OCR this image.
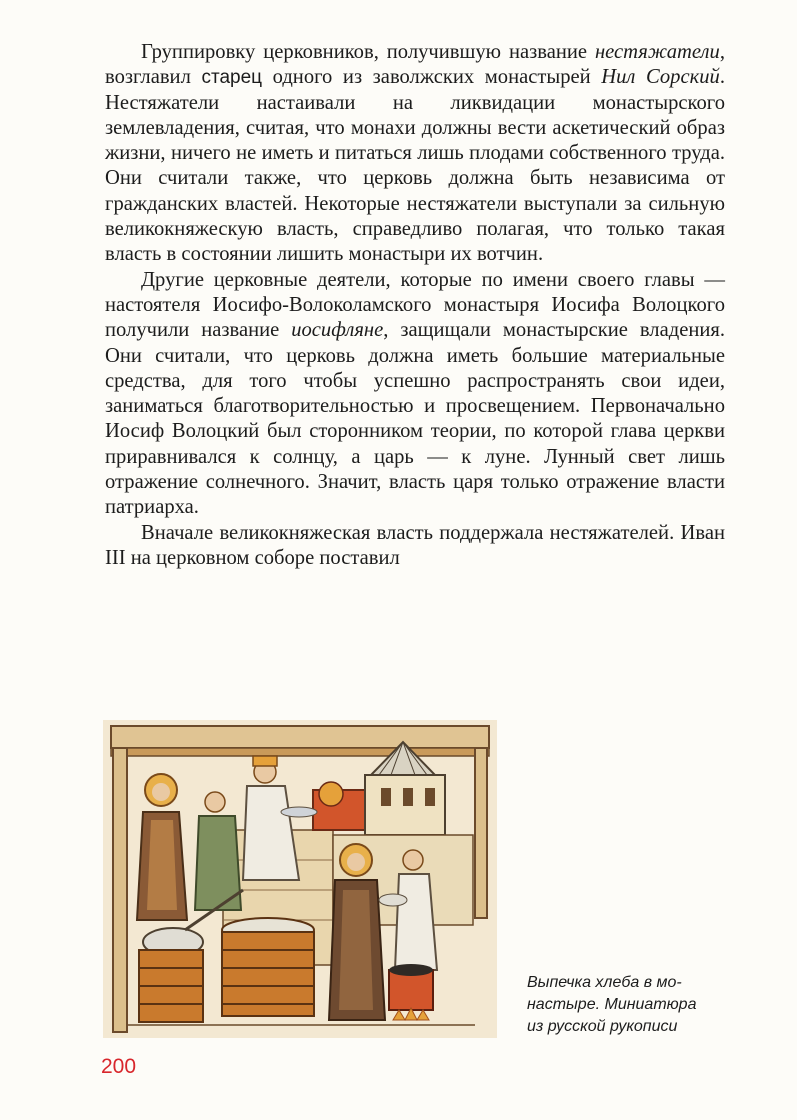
Группировку церковников, получившую название нестяжатели, возглавил старец одного из заволжских монастырей Нил Сорский. Нестяжатели настаивали на ликвидации монастырского землевладения, считая, что монахи должны вести аскетический образ жизни, ничего не иметь и питаться лишь плодами собственного труда. Они считали также, что церковь должна быть независима от гражданских властей. Некоторые нестяжатели выступали за сильную великокняжескую власть, справедливо полагая, что только такая власть в состоянии лишить монастыри их вотчин.

Другие церковные деятели, которые по имени своего главы — настоятеля Иосифо-Волоколамского монастыря Иосифа Волоцкого получили название иосифляне, защищали монастырские владения. Они считали, что церковь должна иметь большие материальные средства, для того чтобы успешно распространять свои идеи, заниматься благотворительностью и просвещением. Первоначально Иосиф Волоцкий был сторонником теории, по которой глава церкви приравнивался к солнцу, а царь — к луне. Лунный свет лишь отражение солнечного. Значит, власть царя только отражение власти патриарха.

Вначале великокняжеская власть поддержала нестяжателей. Иван III на церковном соборе поставил

Выпечка хлеба в мо-
настыре. Миниатюра
из русской рукописи
200
